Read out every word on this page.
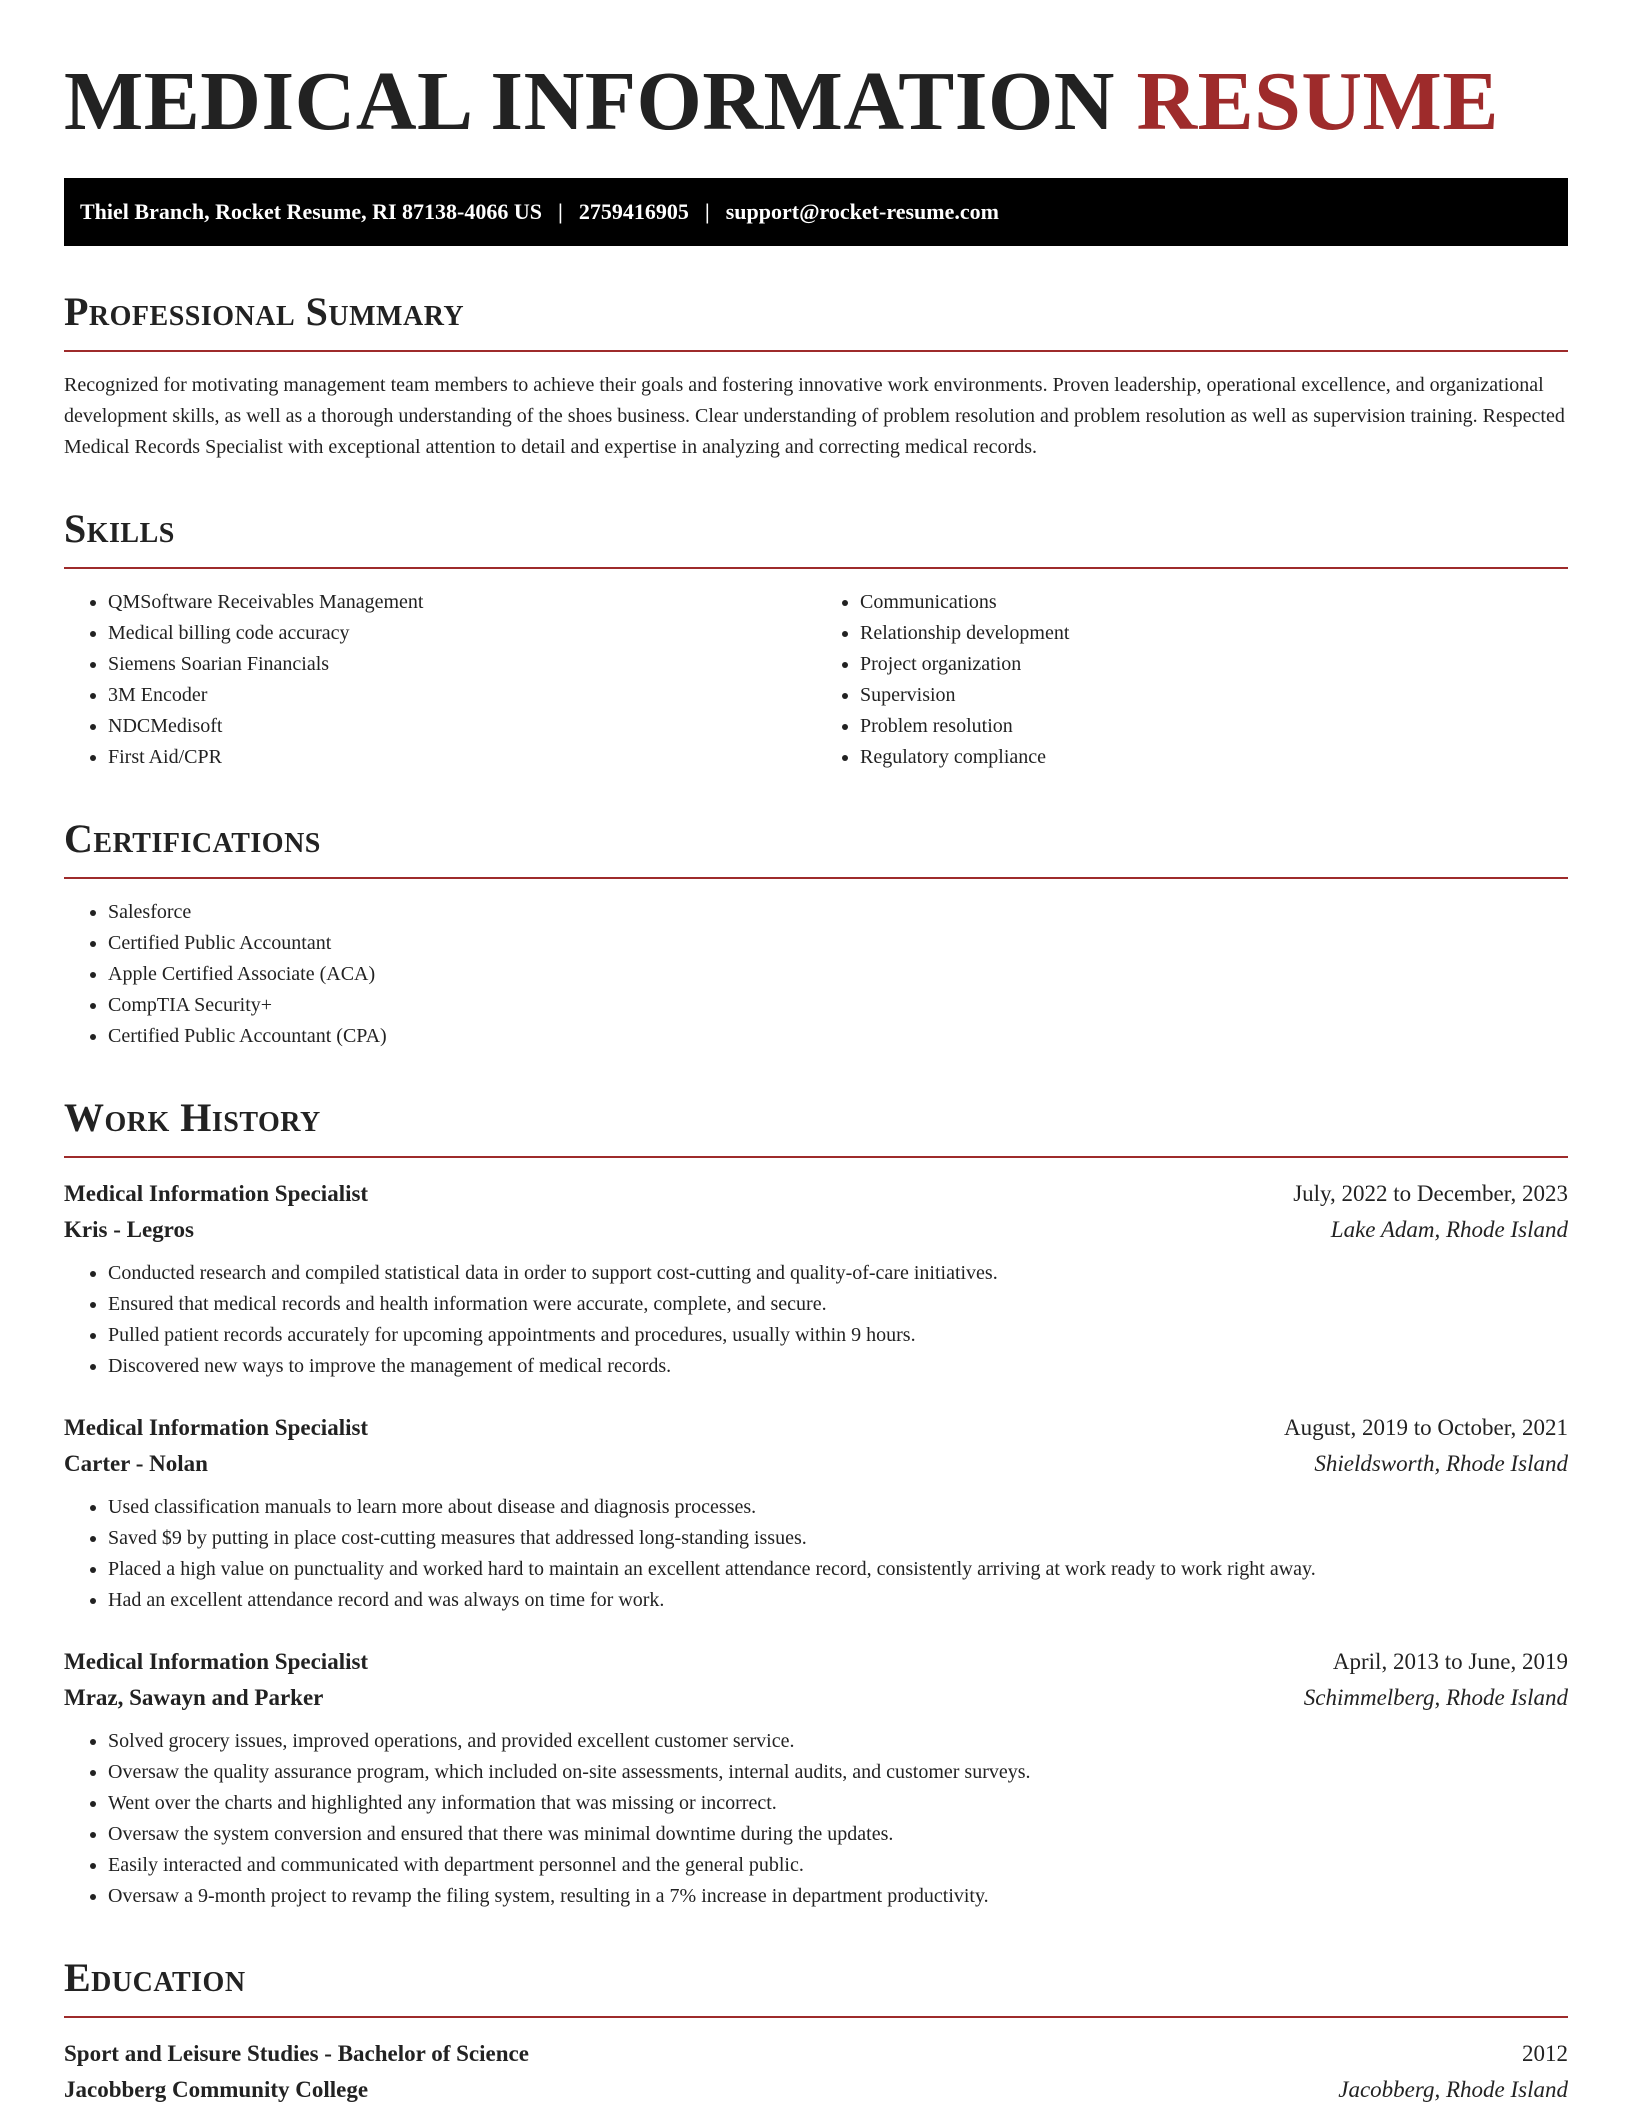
MEDICAL INFORMATION RESUME
Thiel Branch, Rocket Resume, RI 87138-4066 US | 2759416905 | support@rocket-resume.com
Professional Summary

Recognized for motivating management team members to achieve their goals and fostering innovative work environments. Proven leadership, operational excellence, and organizational development skills, as well as a thorough understanding of the shoes business. Clear understanding of problem resolution and problem resolution as well as supervision training. Respected Medical Records Specialist with exceptional attention to detail and expertise in analyzing and correcting medical records.

Skills
• QMSoftware Receivables Management
• Medical billing code accuracy
• Siemens Soarian Financials
• 3M Encoder
• NDCMedisoft
• First Aid/CPR
• Communications
• Relationship development
• Project organization
• Supervision
• Problem resolution
• Regulatory compliance
Certifications
• Salesforce
• Certified Public Accountant
• Apple Certified Associate (ACA)
• CompTIA Security+
• Certified Public Accountant (CPA)
Work History
Medical Information Specialist	July, 2022 to December, 2023
Kris - Legros	Lake Adam, Rhode Island
• Conducted research and compiled statistical data in order to support cost-cutting and quality-of-care initiatives.
• Ensured that medical records and health information were accurate, complete, and secure.
• Pulled patient records accurately for upcoming appointments and procedures, usually within 9 hours.
• Discovered new ways to improve the management of medical records.
Medical Information Specialist	August, 2019 to October, 2021
Carter - Nolan	Shieldsworth, Rhode Island
• Used classification manuals to learn more about disease and diagnosis processes.
• Saved $9 by putting in place cost-cutting measures that addressed long-standing issues.
• Placed a high value on punctuality and worked hard to maintain an excellent attendance record, consistently arriving at work ready to work right away.
• Had an excellent attendance record and was always on time for work.
Medical Information Specialist	April, 2013 to June, 2019
Mraz, Sawayn and Parker	Schimmelberg, Rhode Island
• Solved grocery issues, improved operations, and provided excellent customer service.
• Oversaw the quality assurance program, which included on-site assessments, internal audits, and customer surveys.
• Went over the charts and highlighted any information that was missing or incorrect.
• Oversaw the system conversion and ensured that there was minimal downtime during the updates.
• Easily interacted and communicated with department personnel and the general public.
• Oversaw a 9-month project to revamp the filing system, resulting in a 7% increase in department productivity.
Education
Sport and Leisure Studies - Bachelor of Science	2012
Jacobberg Community College	Jacobberg, Rhode Island
